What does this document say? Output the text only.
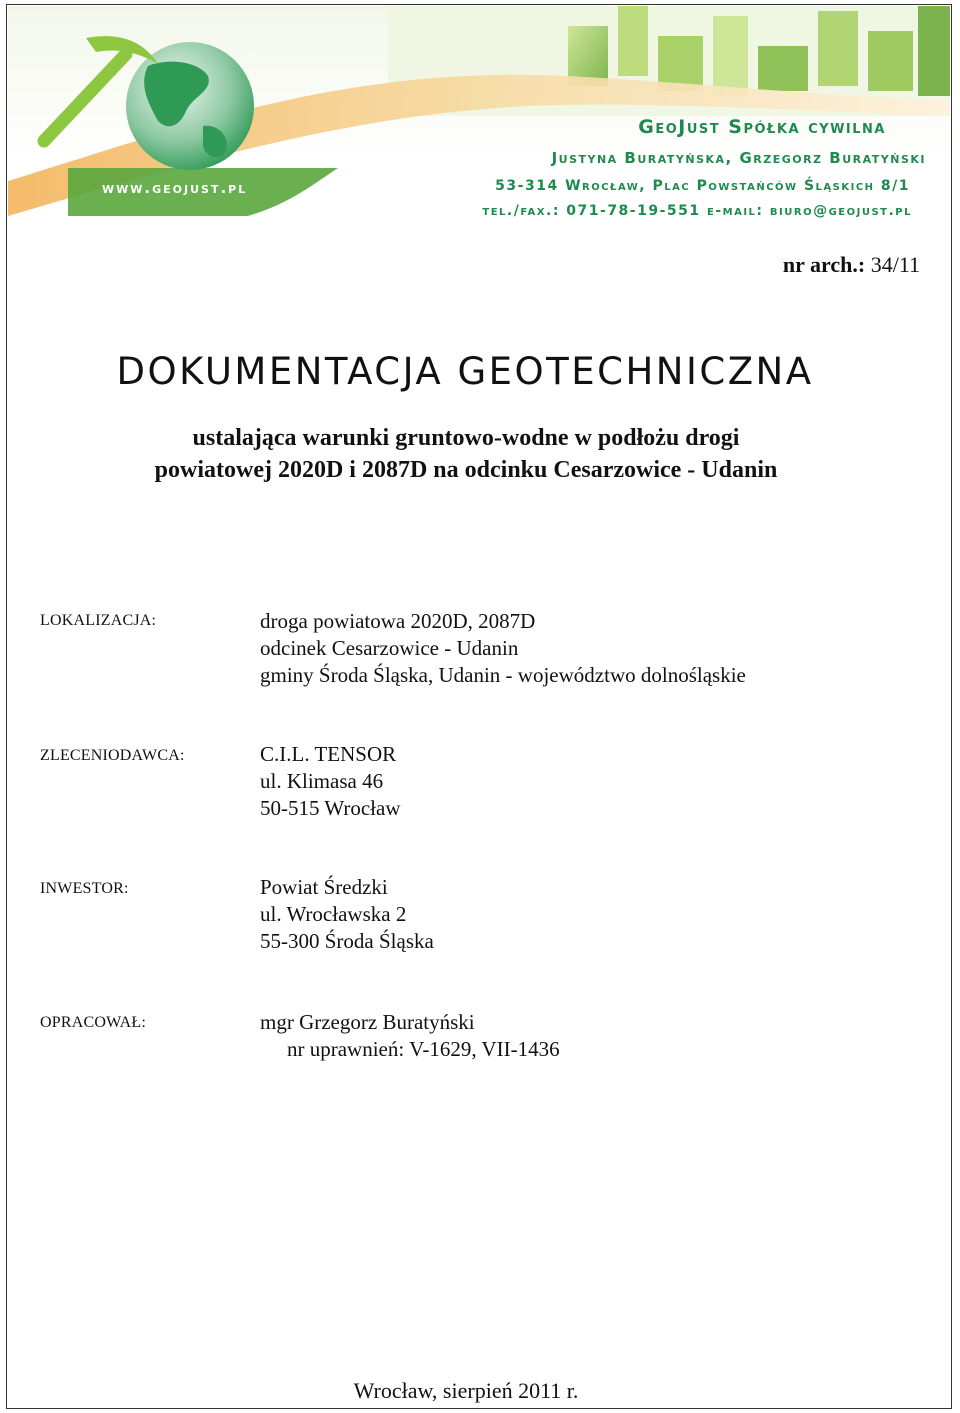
GeoJust Spółka cywilna
Justyna Buratyńska, Grzegorz Buratyński
53-314 Wrocław, Plac Powstańców Śląskich 8/1
tel./fax.: 071-78-19-551 e-mail: biuro@geojust.pl
www.geojust.pl
nr arch.: 34/11
DOKUMENTACJA GEOTECHNICZNA
ustalająca warunki gruntowo-wodne w podłożu drogi
powiatowej 2020D i 2087D na odcinku Cesarzowice - Udanin
LOKALIZACJA:	droga powiatowa 2020D, 2087D
odcinek Cesarzowice - Udanin
gminy Środa Śląska, Udanin - województwo dolnośląskie
ZLECENIODAWCA:	C.I.L. TENSOR
ul. Klimasa 46
50-515 Wrocław
INWESTOR:	Powiat Średzki
ul. Wrocławska 2
55-300 Środa Śląska
OPRACOWAŁ:	mgr Grzegorz Buratyński
nr uprawnień: V-1629, VII-1436
Wrocław, sierpień 2011 r.
